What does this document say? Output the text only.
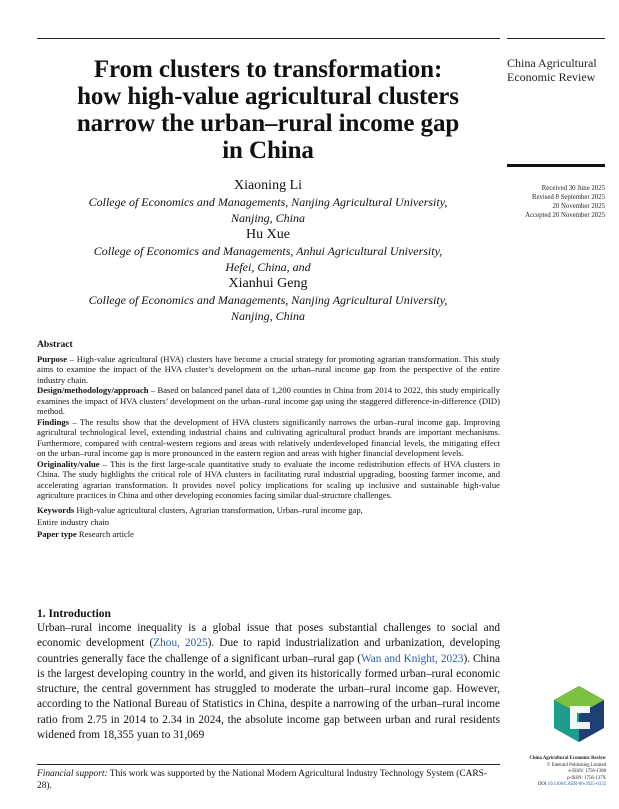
China Agricultural
Economic Review
Received 30 June 2025
Revised 8 September 2025
20 November 2025
Accepted 20 November 2025
From clusters to transformation:
how high-value agricultural clusters
narrow the urban–rural income gap
in China
Xiaoning Li
College of Economics and Managements, Nanjing Agricultural University,
Nanjing, China
Hu Xue
College of Economics and Managements, Anhui Agricultural University,
Hefei, China, and
Xianhui Geng
College of Economics and Managements, Nanjing Agricultural University,
Nanjing, China
Abstract

Purpose – High-value agricultural (HVA) clusters have become a crucial strategy for promoting agrarian transformation. This study aims to examine the impact of the HVA cluster’s development on the urban–rural income gap from the perspective of the entire industry chain.

Design/methodology/approach – Based on balanced panel data of 1,200 counties in China from 2014 to 2022, this study empirically examines the impact of HVA clusters’ development on the urban–rural income gap using the staggered difference-in-difference (DID) method.

Findings – The results show that the development of HVA clusters significantly narrows the urban–rural income gap. Improving agricultural technological level, extending industrial chains and cultivating agricultural product brands are important mechanisms. Furthermore, compared with central-western regions and areas with relatively underdeveloped financial levels, the mitigating effect on the urban–rural income gap is more pronounced in the eastern region and areas with higher financial development levels.

Originality/value – This is the first large-scale quantitative study to evaluate the income redistribution effects of HVA clusters in China. The study highlights the critical role of HVA clusters in facilitating rural industrial upgrading, boosting farmer income, and accelerating agrarian transformation. It provides novel policy implications for scaling up inclusive and sustainable high-value agriculture practices in China and other developing economies facing similar dual-structure challenges.

Keywords High-value agricultural clusters, Agrarian transformation, Urban–rural income gap,
Entire industry chain
Paper type Research article
1. Introduction

Urban–rural income inequality is a global issue that poses substantial challenges to social and economic development (Zhou, 2025). Due to rapid industrialization and urbanization, developing countries generally face the challenge of a significant urban–rural gap (Wan and Knight, 2023). China is the largest developing country in the world, and given its historically formed urban–rural economic structure, the central government has struggled to moderate the urban–rural income gap. However, according to the National Bureau of Statistics in China, despite a narrowing of the urban–rural income ratio from 2.75 in 2014 to 2.34 in 2024, the absolute income gap between urban and rural residents widened from 18,355 yuan to 31,069

China Agricultural Economic Review
© Emerald Publishing Limited
e-ISSN: 1756-1388
p-ISSN: 1756-137X
DOI 10.1108/CAER-06-2025-0332
Financial support: This work was supported by the National Modern Agricultural Industry Technology System (CARS-28).
